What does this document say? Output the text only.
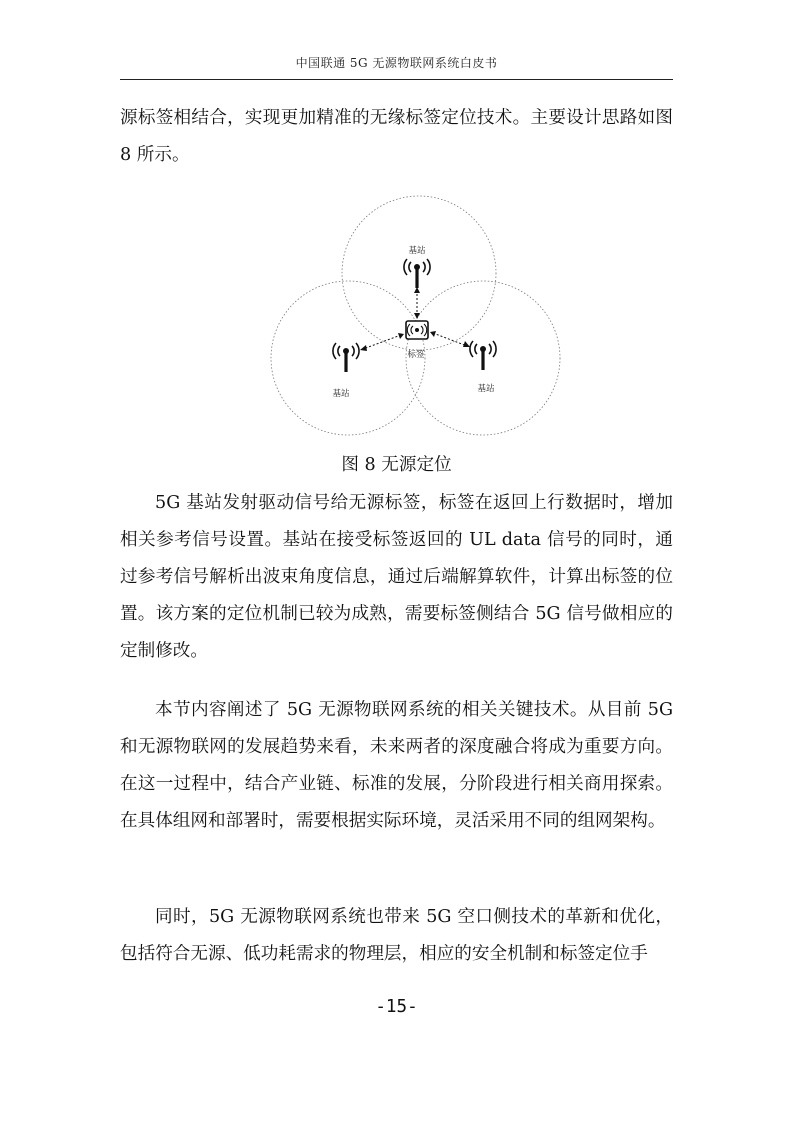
中国联通 5G 无源物联网系统白皮书

源标签相结合，实现更加精准的无缘标签定位技术。主要设计思路如图 8 所示。

基站
基站	基站
标签
图 8 无源定位

5G 基站发射驱动信号给无源标签，标签在返回上行数据时，增加相关参考信号设置。基站在接受标签返回的 UL data 信号的同时，通过参考信号解析出波束角度信息，通过后端解算软件，计算出标签的位置。该方案的定位机制已较为成熟，需要标签侧结合 5G 信号做相应的定制修改。

本节内容阐述了 5G 无源物联网系统的相关关键技术。从目前 5G 和无源物联网的发展趋势来看，未来两者的深度融合将成为重要方向。在这一过程中，结合产业链、标准的发展，分阶段进行相关商用探索。在具体组网和部署时，需要根据实际环境，灵活采用不同的组网架构。

同时，5G 无源物联网系统也带来 5G 空口侧技术的革新和优化，包括符合无源、低功耗需求的物理层，相应的安全机制和标签定位手

-15-
